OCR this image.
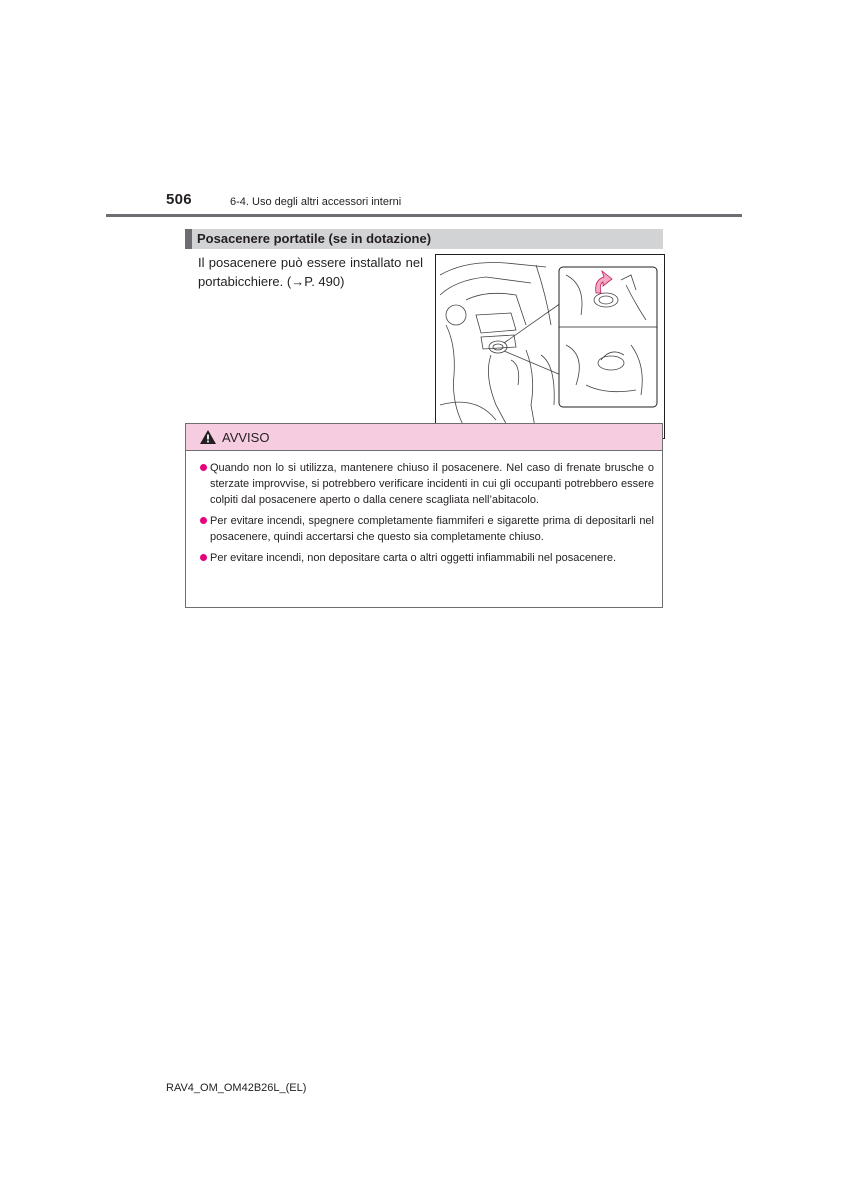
506	6-4. Uso degli altri accessori interni
Posacenere portatile (se in dotazione)
Il posacenere può essere installato nel portabicchiere. (→P. 490)
AVVISO
Quando non lo si utilizza, mantenere chiuso il posacenere. Nel caso di frenate brusche o sterzate improvvise, si potrebbero verificare incidenti in cui gli occupanti potrebbero essere colpiti dal posacenere aperto o dalla cenere scagliata nell’abitacolo.
Per evitare incendi, spegnere completamente fiammiferi e sigarette prima di depositarli nel posacenere, quindi accertarsi che questo sia completamente chiuso.
Per evitare incendi, non depositare carta o altri oggetti infiammabili nel posacenere.
RAV4_OM_OM42B26L_(EL)
